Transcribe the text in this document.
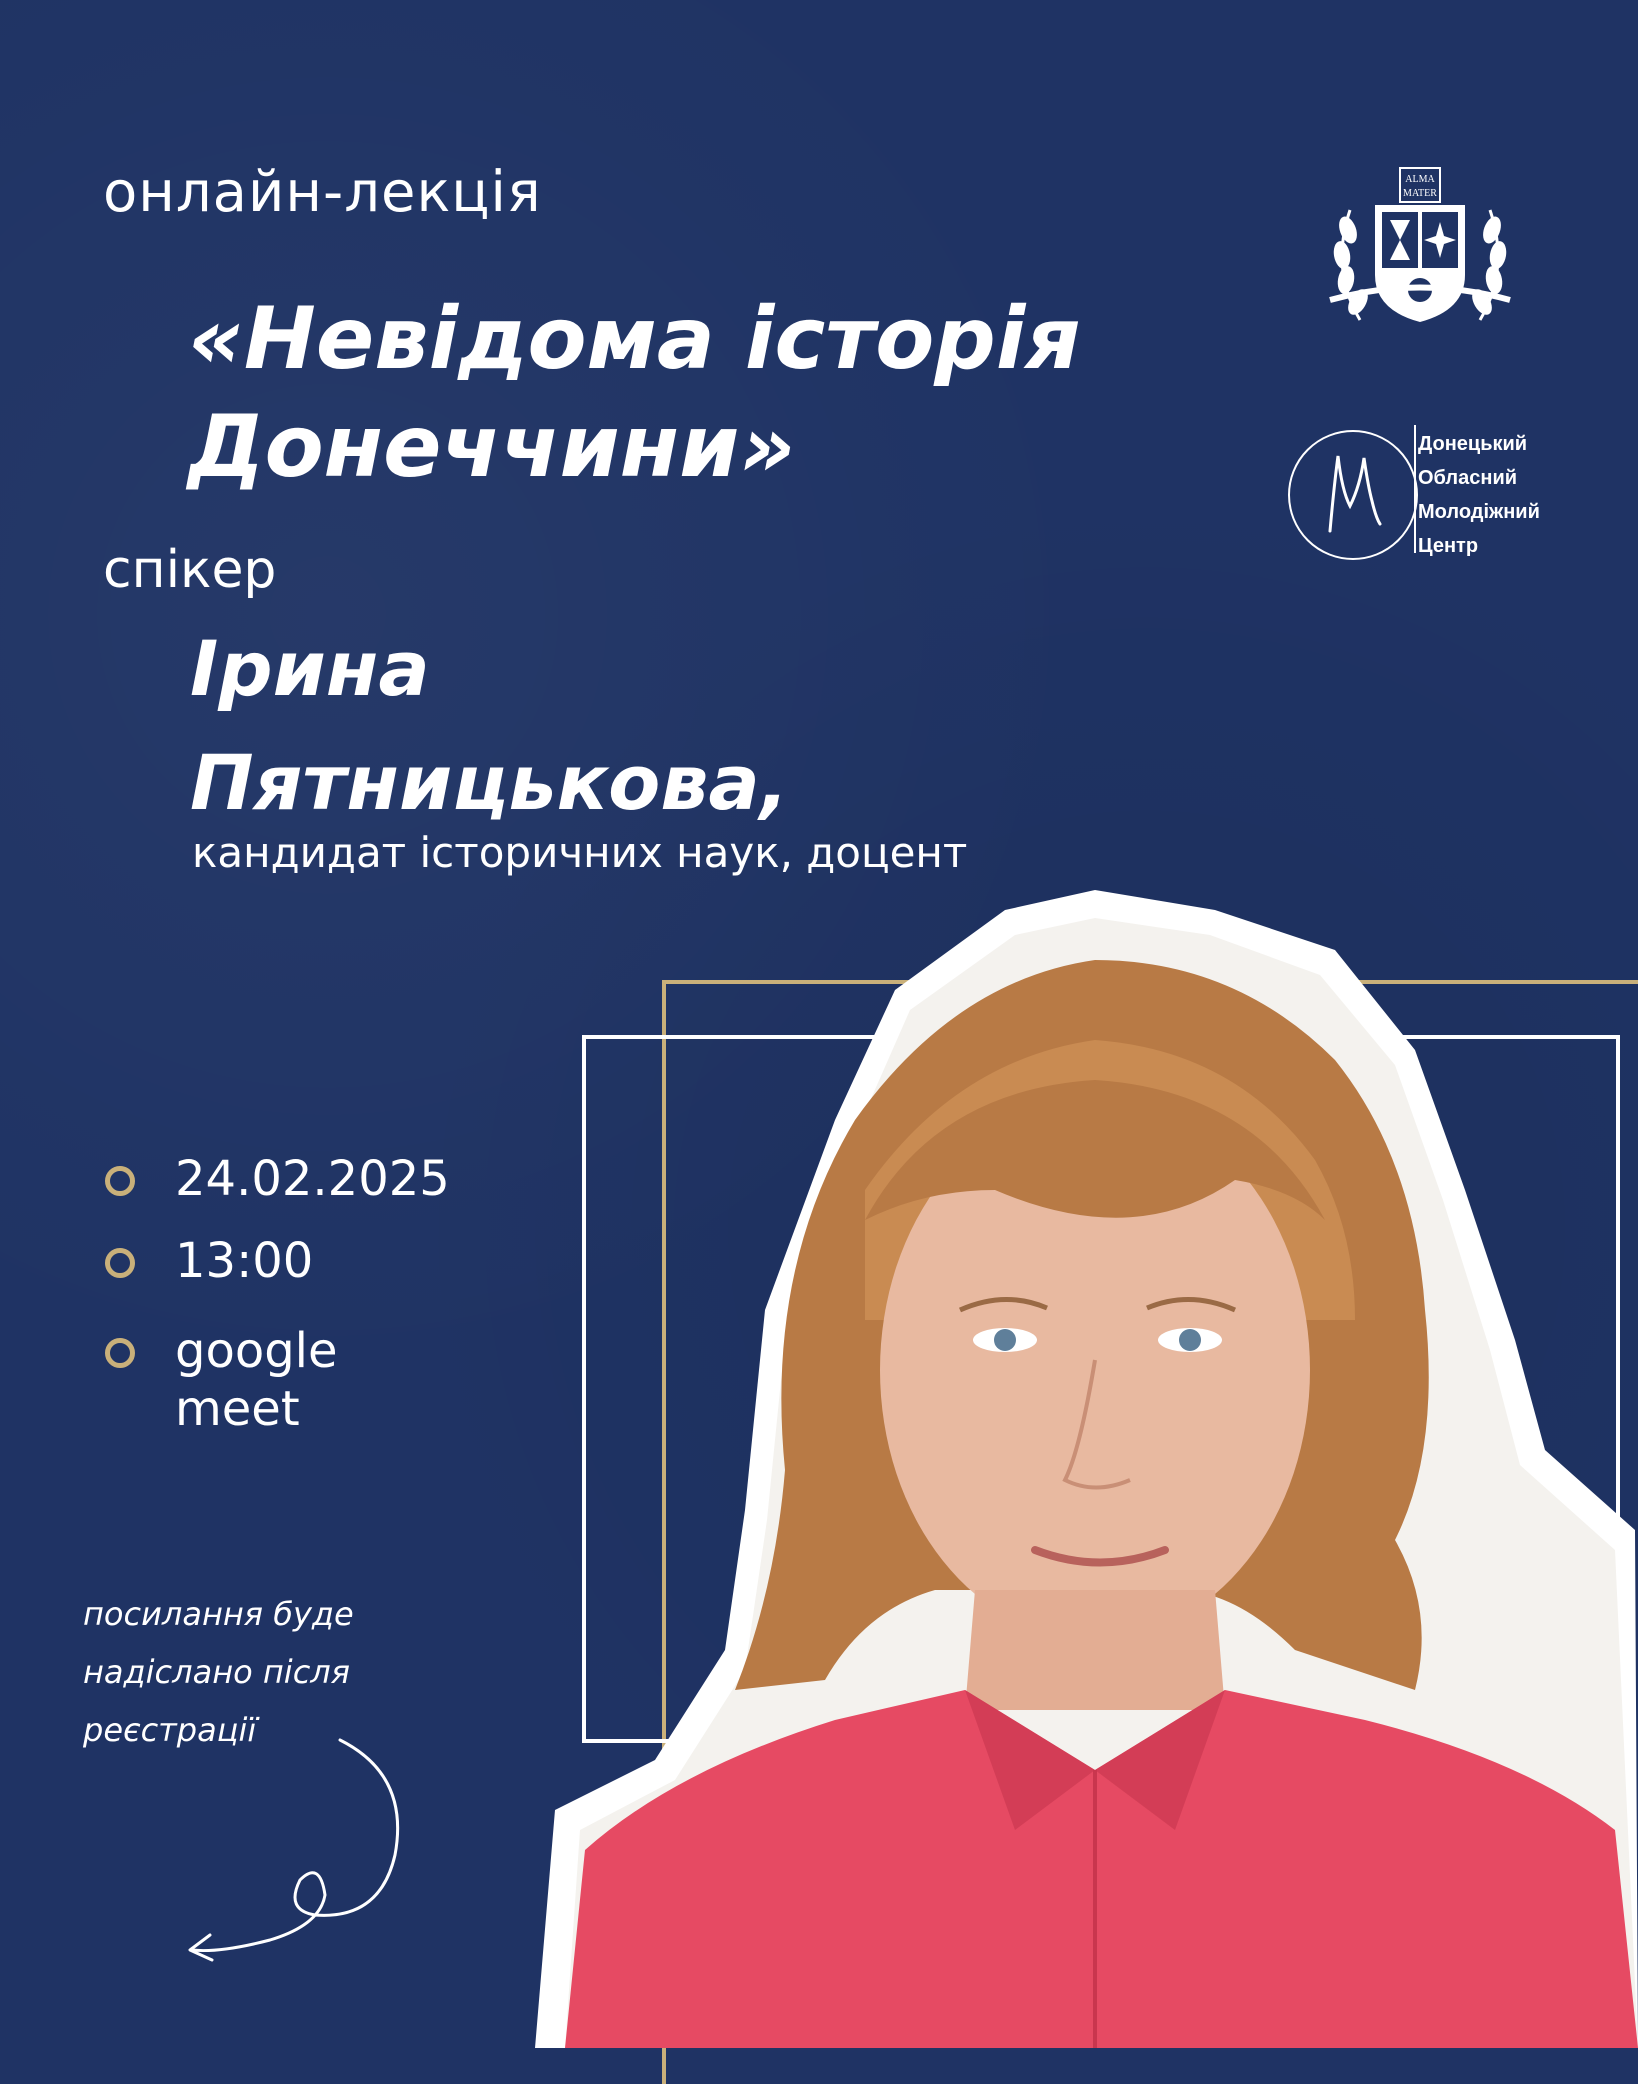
онлайн-лекція
«Невідома історія
Донеччини»
спікер
Ірина
Пятницькова,
кандидат історичних наук, доцент
ALMA
MATER
Донецький
Обласний
Молодіжний
Центр
24.02.2025
13:00
google
meet
посилання буде
надіслано після
реєстрації
